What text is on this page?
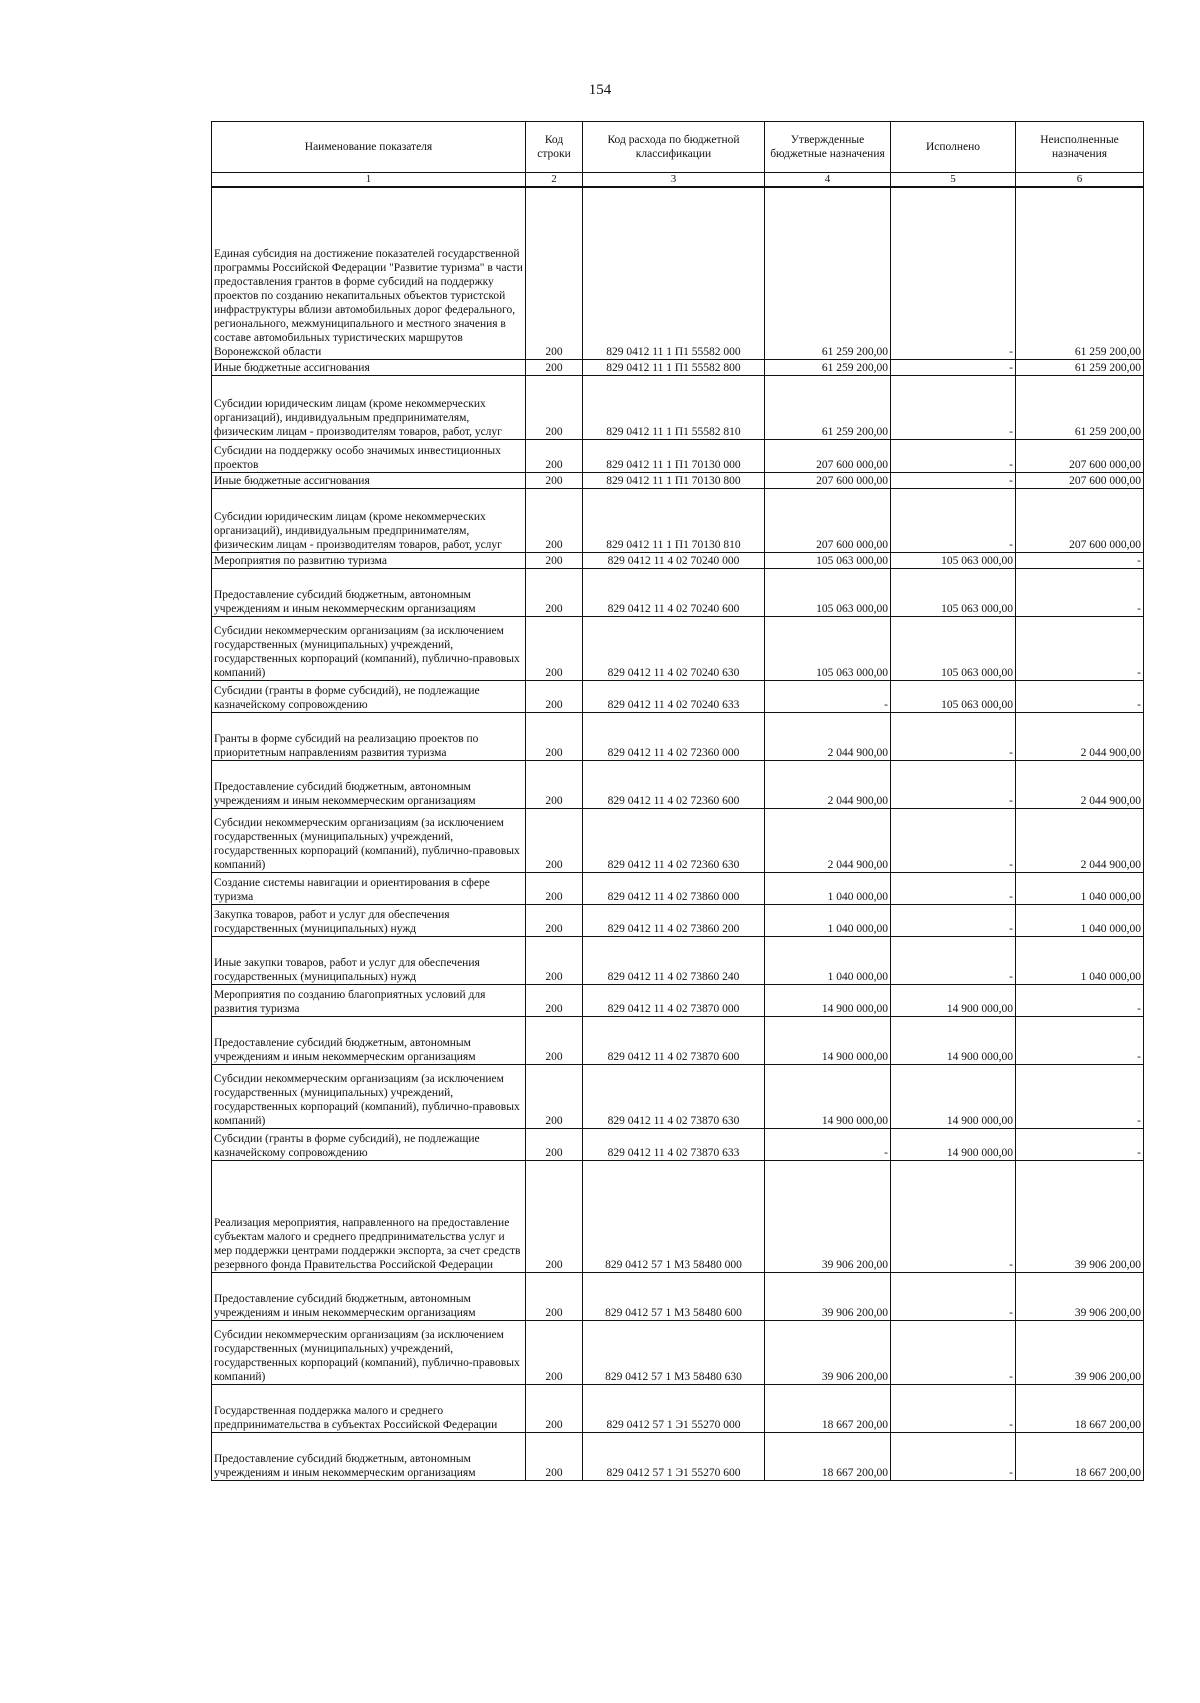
154
Наименование показателя	Код строки	Код расхода по бюджетной классификации	Утвержденные бюджетные назначения	Исполнено	Неисполненные назначения
1	2	3	4	5	6
Единая субсидия на достижение показателей государственной программы Российской Федерации "Развитие туризма" в части предоставления грантов в форме субсидий на поддержку проектов по созданию некапитальных объектов туристской инфраструктуры вблизи автомобильных дорог федерального, регионального, межмуниципального и местного значения в составе автомобильных туристических маршрутов Воронежской области	200	829 0412 11 1 П1 55582 000	61 259 200,00	-	61 259 200,00
Иные бюджетные ассигнования	200	829 0412 11 1 П1 55582 800	61 259 200,00	-	61 259 200,00
Субсидии юридическим лицам (кроме некоммерческих организаций), индивидуальным предпринимателям, физическим лицам - производителям товаров, работ, услуг	200	829 0412 11 1 П1 55582 810	61 259 200,00	-	61 259 200,00
Субсидии на поддержку особо значимых инвестиционных проектов	200	829 0412 11 1 П1 70130 000	207 600 000,00	-	207 600 000,00
Иные бюджетные ассигнования	200	829 0412 11 1 П1 70130 800	207 600 000,00	-	207 600 000,00
Субсидии юридическим лицам (кроме некоммерческих организаций), индивидуальным предпринимателям, физическим лицам - производителям товаров, работ, услуг	200	829 0412 11 1 П1 70130 810	207 600 000,00	-	207 600 000,00
Мероприятия по развитию туризма	200	829 0412 11 4 02 70240 000	105 063 000,00	105 063 000,00	-
Предоставление субсидий бюджетным, автономным учреждениям и иным некоммерческим организациям	200	829 0412 11 4 02 70240 600	105 063 000,00	105 063 000,00	-
Субсидии некоммерческим организациям (за исключением государственных (муниципальных) учреждений, государственных корпораций (компаний), публично-правовых компаний)	200	829 0412 11 4 02 70240 630	105 063 000,00	105 063 000,00	-
Субсидии (гранты в форме субсидий), не подлежащие казначейскому сопровождению	200	829 0412 11 4 02 70240 633	-	105 063 000,00	-
Гранты в форме субсидий на реализацию проектов по приоритетным направлениям развития туризма	200	829 0412 11 4 02 72360 000	2 044 900,00	-	2 044 900,00
Предоставление субсидий бюджетным, автономным учреждениям и иным некоммерческим организациям	200	829 0412 11 4 02 72360 600	2 044 900,00	-	2 044 900,00
Субсидии некоммерческим организациям (за исключением государственных (муниципальных) учреждений, государственных корпораций (компаний), публично-правовых компаний)	200	829 0412 11 4 02 72360 630	2 044 900,00	-	2 044 900,00
Создание системы навигации и ориентирования в сфере туризма	200	829 0412 11 4 02 73860 000	1 040 000,00	-	1 040 000,00
Закупка товаров, работ и услуг для обеспечения государственных (муниципальных) нужд	200	829 0412 11 4 02 73860 200	1 040 000,00	-	1 040 000,00
Иные закупки товаров, работ и услуг для обеспечения государственных (муниципальных) нужд	200	829 0412 11 4 02 73860 240	1 040 000,00	-	1 040 000,00
Мероприятия по созданию благоприятных условий для развития туризма	200	829 0412 11 4 02 73870 000	14 900 000,00	14 900 000,00	-
Предоставление субсидий бюджетным, автономным учреждениям и иным некоммерческим организациям	200	829 0412 11 4 02 73870 600	14 900 000,00	14 900 000,00	-
Субсидии некоммерческим организациям (за исключением государственных (муниципальных) учреждений, государственных корпораций (компаний), публично-правовых компаний)	200	829 0412 11 4 02 73870 630	14 900 000,00	14 900 000,00	-
Субсидии (гранты в форме субсидий), не подлежащие казначейскому сопровождению	200	829 0412 11 4 02 73870 633	-	14 900 000,00	-
Реализация мероприятия, направленного на предоставление субъектам малого и среднего предпринимательства услуг и мер поддержки центрами поддержки экспорта, за счет средств резервного фонда Правительства Российской Федерации	200	829 0412 57 1 М3 58480 000	39 906 200,00	-	39 906 200,00
Предоставление субсидий бюджетным, автономным учреждениям и иным некоммерческим организациям	200	829 0412 57 1 М3 58480 600	39 906 200,00	-	39 906 200,00
Субсидии некоммерческим организациям (за исключением государственных (муниципальных) учреждений, государственных корпораций (компаний), публично-правовых компаний)	200	829 0412 57 1 М3 58480 630	39 906 200,00	-	39 906 200,00
Государственная поддержка малого и среднего предпринимательства в субъектах Российской Федерации	200	829 0412 57 1 Э1 55270 000	18 667 200,00	-	18 667 200,00
Предоставление субсидий бюджетным, автономным учреждениям и иным некоммерческим организациям	200	829 0412 57 1 Э1 55270 600	18 667 200,00	-	18 667 200,00
